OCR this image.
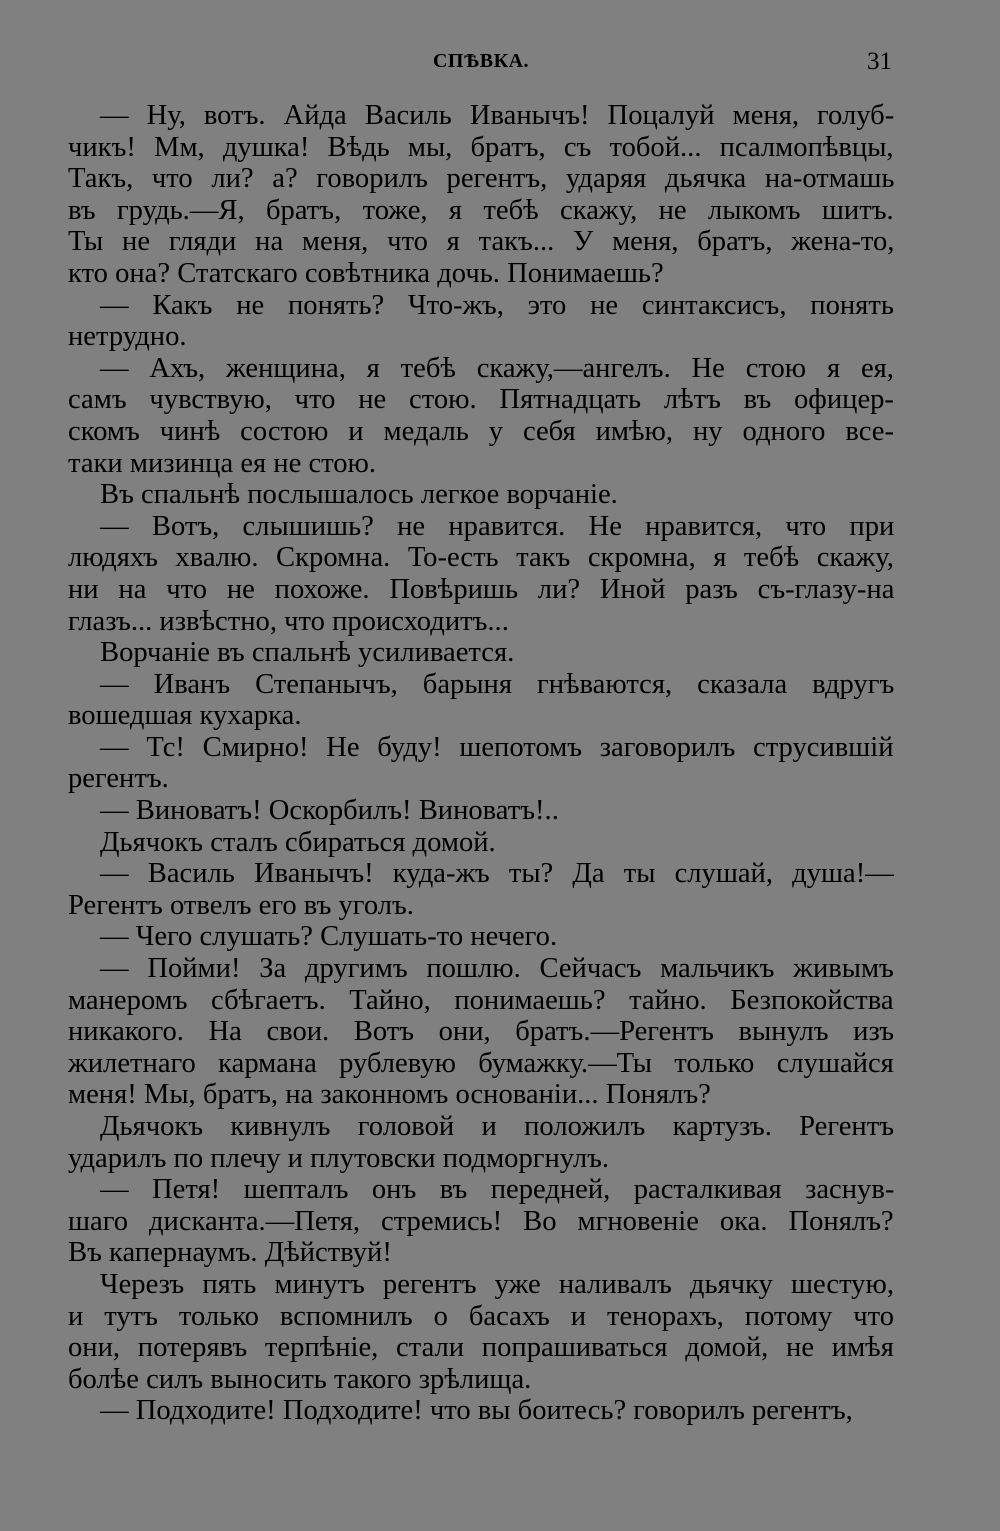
СПѢВКА.	31

— Ну, вотъ. Айда Василь Иванычъ! Поцалуй меня, голуб-
чикъ! Мм, душка! Вѣдь мы, братъ, съ тобой... псалмопѣвцы,
Такъ, что ли? а? говорилъ регентъ, ударяя дьячка на-отмашь
въ грудь.—Я, братъ, тоже, я тебѣ скажу, не лыкомъ шитъ.
Ты не гляди на меня, что я такъ... У меня, братъ, жена-то,
кто она? Статскаго совѣтника дочь. Понимаешь?

— Какъ не понять? Что-жъ, это не синтаксисъ, понять
нетрудно.

— Ахъ, женщина, я тебѣ скажу,—ангелъ. Не стою я ея,
самъ чувствую, что не стою. Пятнадцать лѣтъ въ офицер-
скомъ чинѣ состою и медаль у себя имѣю, ну одного все-
таки мизинца ея не стою.

Въ спальнѣ послышалось легкое ворчаніе.

— Вотъ, слышишь? не нравится. Не нравится, что при
людяхъ хвалю. Скромна. То-есть такъ скромна, я тебѣ скажу,
ни на что не похоже. Повѣришь ли? Иной разъ съ-глазу-на
глазъ... извѣстно, что происходитъ...

Ворчаніе въ спальнѣ усиливается.

— Иванъ Степанычъ, барыня гнѣваются, сказала вдругъ
вошедшая кухарка.

— Тс! Смирно! Не буду! шепотомъ заговорилъ струсившій
регентъ.

— Виноватъ! Оскорбилъ! Виноватъ!..

Дьячокъ сталъ сбираться домой.

— Василь Иванычъ! куда-жъ ты? Да ты слушай, душа!—
Регентъ отвелъ его въ уголъ.

— Чего слушать? Слушать-то нечего.

— Пойми! За другимъ пошлю. Сейчасъ мальчикъ живымъ
манеромъ сбѣгаетъ. Тайно, понимаешь? тайно. Безпокойства
никакого. На свои. Вотъ они, братъ.—Регентъ вынулъ изъ
жилетнаго кармана рублевую бумажку.—Ты только слушайся
меня! Мы, братъ, на законномъ основаніи... Понялъ?

Дьячокъ кивнулъ головой и положилъ картузъ. Регентъ
ударилъ по плечу и плутовски подморгнулъ.

— Петя! шепталъ онъ въ передней, расталкивая заснув-
шаго дисканта.—Петя, стремись! Во мгновеніе ока. Понялъ?
Въ капернаумъ. Дѣйствуй!

Черезъ пять минутъ регентъ уже наливалъ дьячку шестую,
и тутъ только вспомнилъ о басахъ и тенорахъ, потому что
они, потерявъ терпѣніе, стали попрашиваться домой, не имѣя
болѣе силъ выносить такого зрѣлища.

— Подходите! Подходите! что вы боитесь? говорилъ регентъ,
